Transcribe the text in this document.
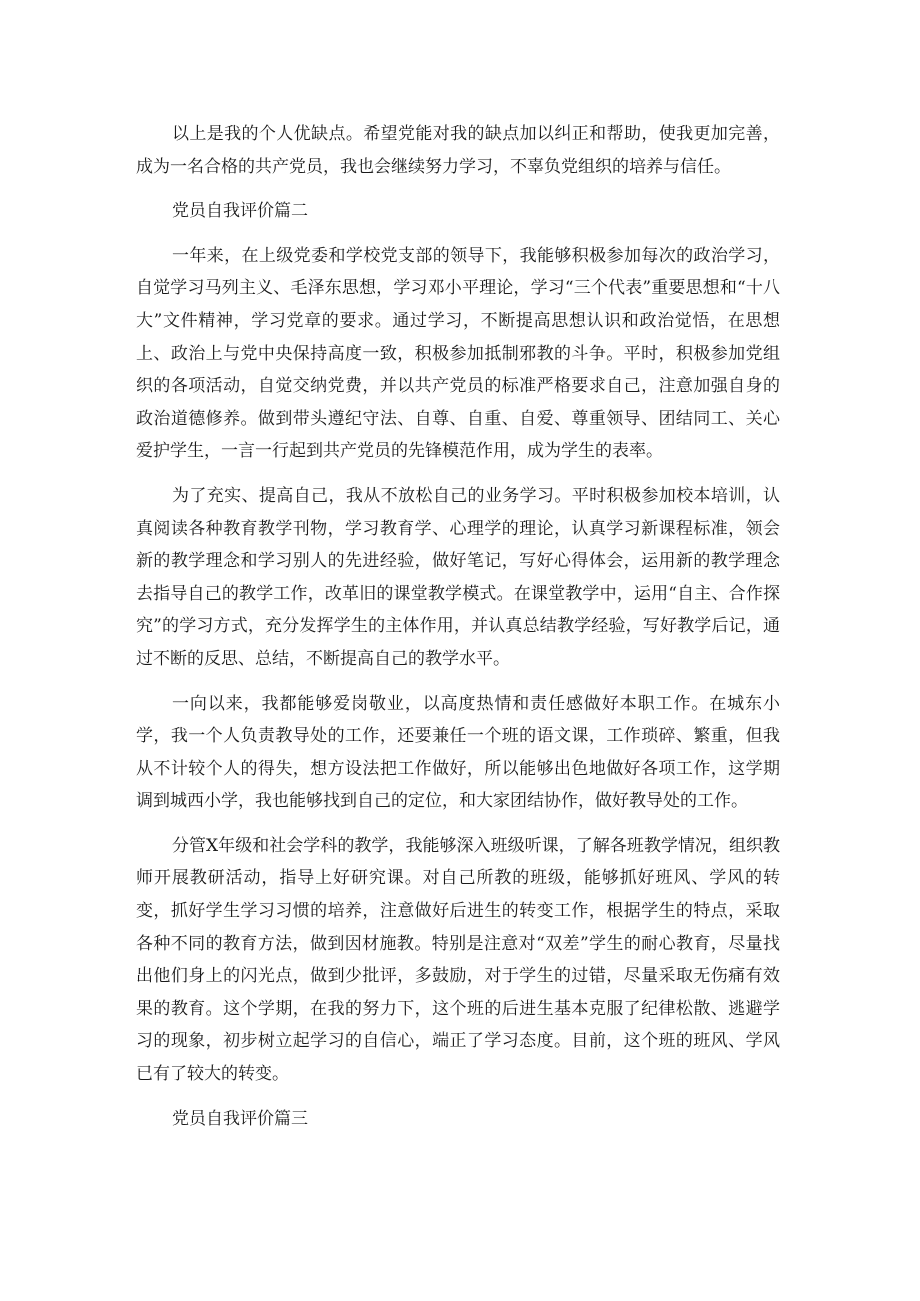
以上是我的个人优缺点。希望党能对我的缺点加以纠正和帮助，使我更加完善，成为一名合格的共产党员，我也会继续努力学习，不辜负党组织的培养与信任。

党员自我评价篇二

一年来，在上级党委和学校党支部的领导下，我能够积极参加每次的政治学习，自觉学习马列主义、毛泽东思想，学习邓小平理论，学习“三个代表”重要思想和“十八大”文件精神，学习党章的要求。通过学习，不断提高思想认识和政治觉悟，在思想上、政治上与党中央保持高度一致，积极参加抵制邪教的斗争。平时，积极参加党组织的各项活动，自觉交纳党费，并以共产党员的标准严格要求自己，注意加强自身的政治道德修养。做到带头遵纪守法、自尊、自重、自爱、尊重领导、团结同工、关心爱护学生，一言一行起到共产党员的先锋模范作用，成为学生的表率。

为了充实、提高自己，我从不放松自己的业务学习。平时积极参加校本培训，认真阅读各种教育教学刊物，学习教育学、心理学的理论，认真学习新课程标准，领会新的教学理念和学习别人的先进经验，做好笔记，写好心得体会，运用新的教学理念去指导自己的教学工作，改革旧的课堂教学模式。在课堂教学中，运用“自主、合作探究”的学习方式，充分发挥学生的主体作用，并认真总结教学经验，写好教学后记，通过不断的反思、总结，不断提高自己的教学水平。

一向以来，我都能够爱岗敬业，以高度热情和责任感做好本职工作。在城东小学，我一个人负责教导处的工作，还要兼任一个班的语文课，工作琐碎、繁重，但我从不计较个人的得失，想方设法把工作做好，所以能够出色地做好各项工作，这学期调到城西小学，我也能够找到自己的定位，和大家团结协作，做好教导处的工作。

分管X年级和社会学科的教学，我能够深入班级听课，了解各班教学情况，组织教师开展教研活动，指导上好研究课。对自己所教的班级，能够抓好班风、学风的转变，抓好学生学习习惯的培养，注意做好后进生的转变工作，根据学生的特点，采取各种不同的教育方法，做到因材施教。特别是注意对“双差”学生的耐心教育，尽量找出他们身上的闪光点，做到少批评，多鼓励，对于学生的过错，尽量采取无伤痛有效果的教育。这个学期，在我的努力下，这个班的后进生基本克服了纪律松散、逃避学习的现象，初步树立起学习的自信心，端正了学习态度。目前，这个班的班风、学风已有了较大的转变。

党员自我评价篇三
